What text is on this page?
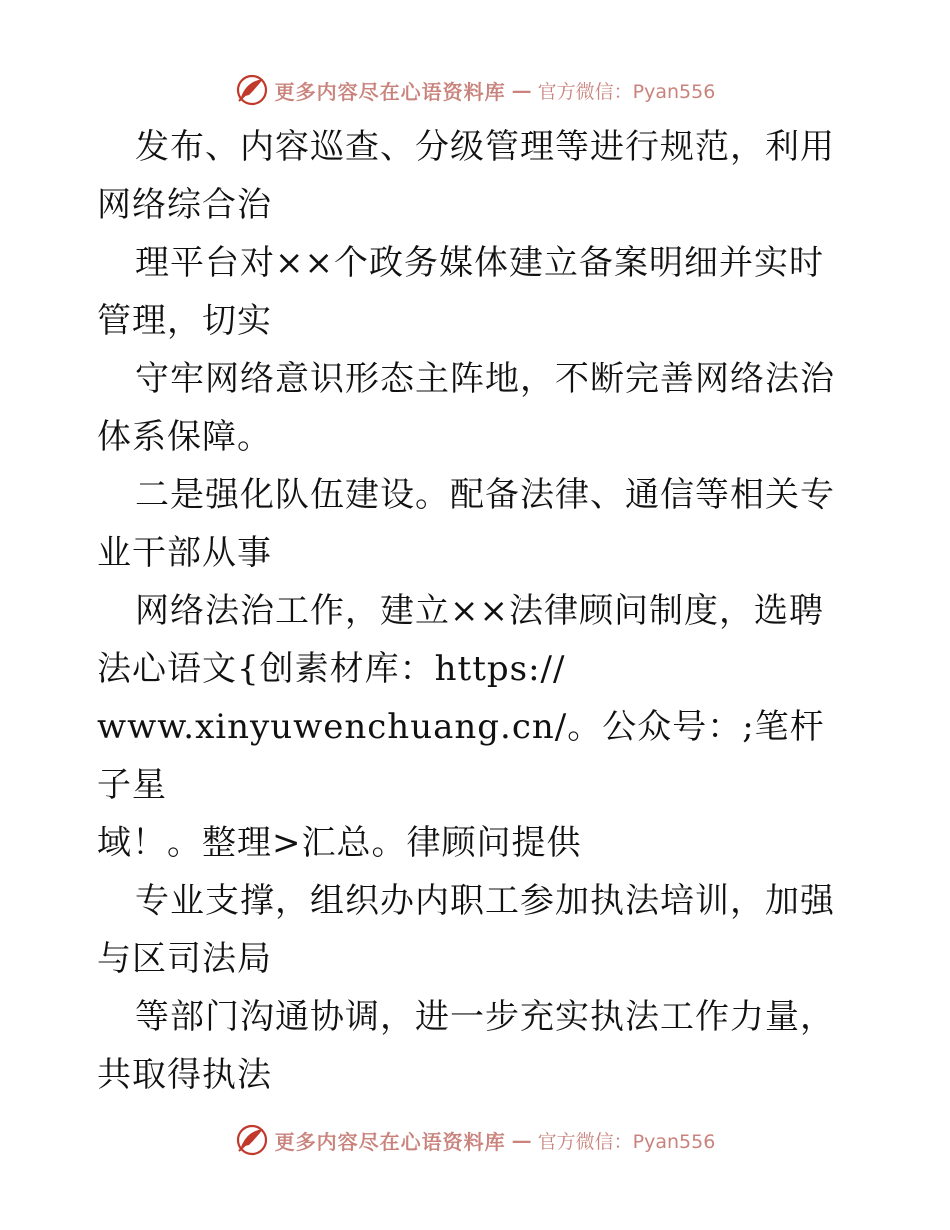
更多内容尽在心语资料库 — 官方微信：Pyan556

发布、内容巡查、分级管理等进行规范，利用网络综合治

理平台对××个政务媒体建立备案明细并实时管理，切实

守牢网络意识形态主阵地，不断完善网络法治体系保障。

二是强化队伍建设。配备法律、通信等相关专业干部从事

网络法治工作，建立××法律顾问制度，选聘法心语文{创素材库：https://

www.xinyuwenchuang.cn/。公众号：;笔杆子星

域！。整理>汇总。律顾问提供

专业支撑，组织办内职工参加执法培训，加强与区司法局

等部门沟通协调，进一步充实执法工作力量，共取得执法

更多内容尽在心语资料库 — 官方微信：Pyan556
